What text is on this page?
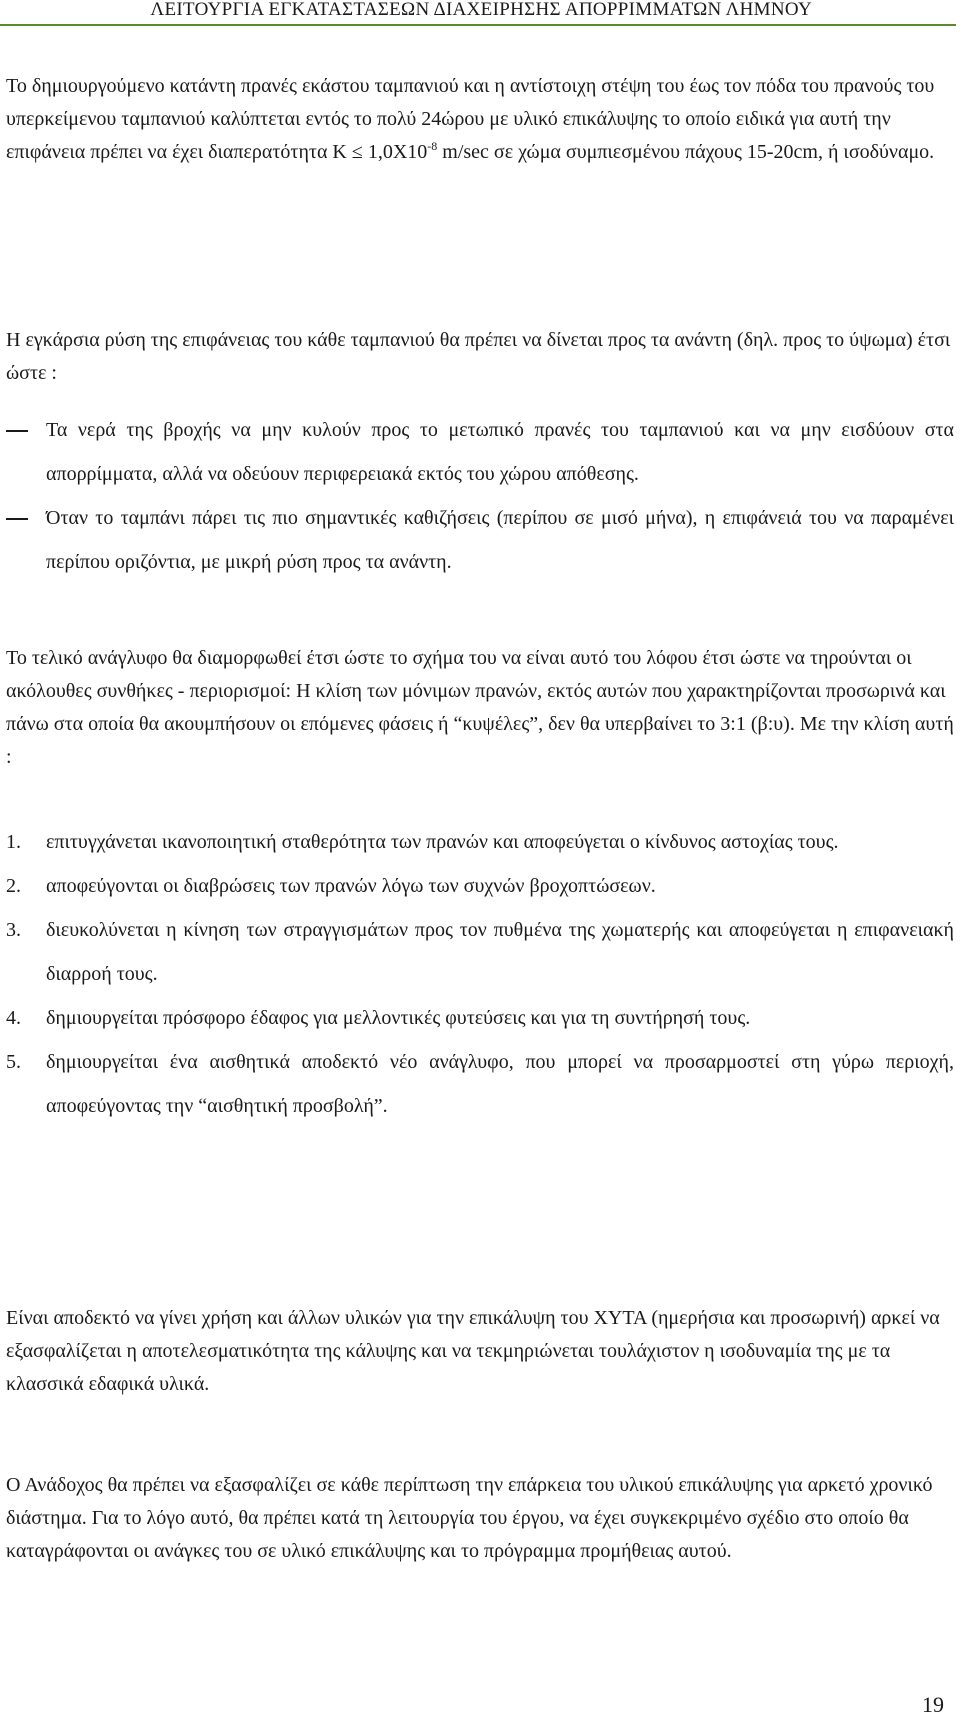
ΛΕΙΤΟΥΡΓΙΑ ΕΓΚΑΤΑΣΤΑΣΕΩΝ ΔΙΑΧΕΙΡΗΣΗΣ ΑΠΟΡΡΙΜΜΑΤΩΝ ΛΗΜΝΟΥ

Το δημιουργούμενο κατάντη πρανές εκάστου ταμπανιού και η αντίστοιχη στέψη του έως τον πόδα του πρανούς του υπερκείμενου ταμπανιού καλύπτεται εντός το πολύ 24ώρου με υλικό επικάλυψης το οποίο ειδικά για αυτή την επιφάνεια πρέπει να έχει διαπερατότητα $K \le 1,0X10^{-8}$ m/sec σε χώμα συμπιεσμένου πάχους 15-20cm, ή ισοδύναμο.

Η εγκάρσια ρύση της επιφάνειας του κάθε ταμπανιού θα πρέπει να δίνεται προς τα ανάντη (δηλ. προς το ύψωμα) έτσι ώστε :

Τα νερά της βροχής να μην κυλούν προς το μετωπικό πρανές του ταμπανιού και να μην εισδύουν στα απορρίμματα, αλλά να οδεύουν περιφερειακά εκτός του χώρου απόθεσης.

Όταν το ταμπάνι πάρει τις πιο σημαντικές καθιζήσεις (περίπου σε μισό μήνα), η επιφάνειά του να παραμένει περίπου οριζόντια, με μικρή ρύση προς τα ανάντη.

Το τελικό ανάγλυφο θα διαμορφωθεί έτσι ώστε το σχήμα του να είναι αυτό του λόφου έτσι ώστε να τηρούνται οι ακόλουθες συνθήκες - περιορισμοί: Η κλίση των μόνιμων πρανών, εκτός αυτών που χαρακτηρίζονται προσωρινά και πάνω στα οποία θα ακουμπήσουν οι επόμενες φάσεις ή “κυψέλες”, δεν θα υπερβαίνει το 3:1 (β:υ). Με την κλίση αυτή :

1. επιτυγχάνεται ικανοποιητική σταθερότητα των πρανών και αποφεύγεται ο κίνδυνος αστοχίας τους.

2. αποφεύγονται οι διαβρώσεις των πρανών λόγω των συχνών βροχοπτώσεων.

3. διευκολύνεται η κίνηση των στραγγισμάτων προς τον πυθμένα της χωματερής και αποφεύγεται η επιφανειακή διαρροή τους.

4. δημιουργείται πρόσφορο έδαφος για μελλοντικές φυτεύσεις και για τη συντήρησή τους.

5. δημιουργείται ένα αισθητικά αποδεκτό νέο ανάγλυφο, που μπορεί να προσαρμοστεί στη γύρω περιοχή, αποφεύγοντας την “αισθητική προσβολή”.

Είναι αποδεκτό να γίνει χρήση και άλλων υλικών για την επικάλυψη του ΧΥΤΑ (ημερήσια και προσωρινή) αρκεί να εξασφαλίζεται η αποτελεσματικότητα της κάλυψης και να τεκμηριώνεται τουλάχιστον η ισοδυναμία της με τα κλασσικά εδαφικά υλικά.

Ο Ανάδοχος θα πρέπει να εξασφαλίζει σε κάθε περίπτωση την επάρκεια του υλικού επικάλυψης για αρκετό χρονικό διάστημα. Για το λόγο αυτό, θα πρέπει κατά τη λειτουργία του έργου, να έχει συγκεκριμένο σχέδιο στο οποίο θα καταγράφονται οι ανάγκες του σε υλικό επικάλυψης και το πρόγραμμα προμήθειας αυτού.

19
